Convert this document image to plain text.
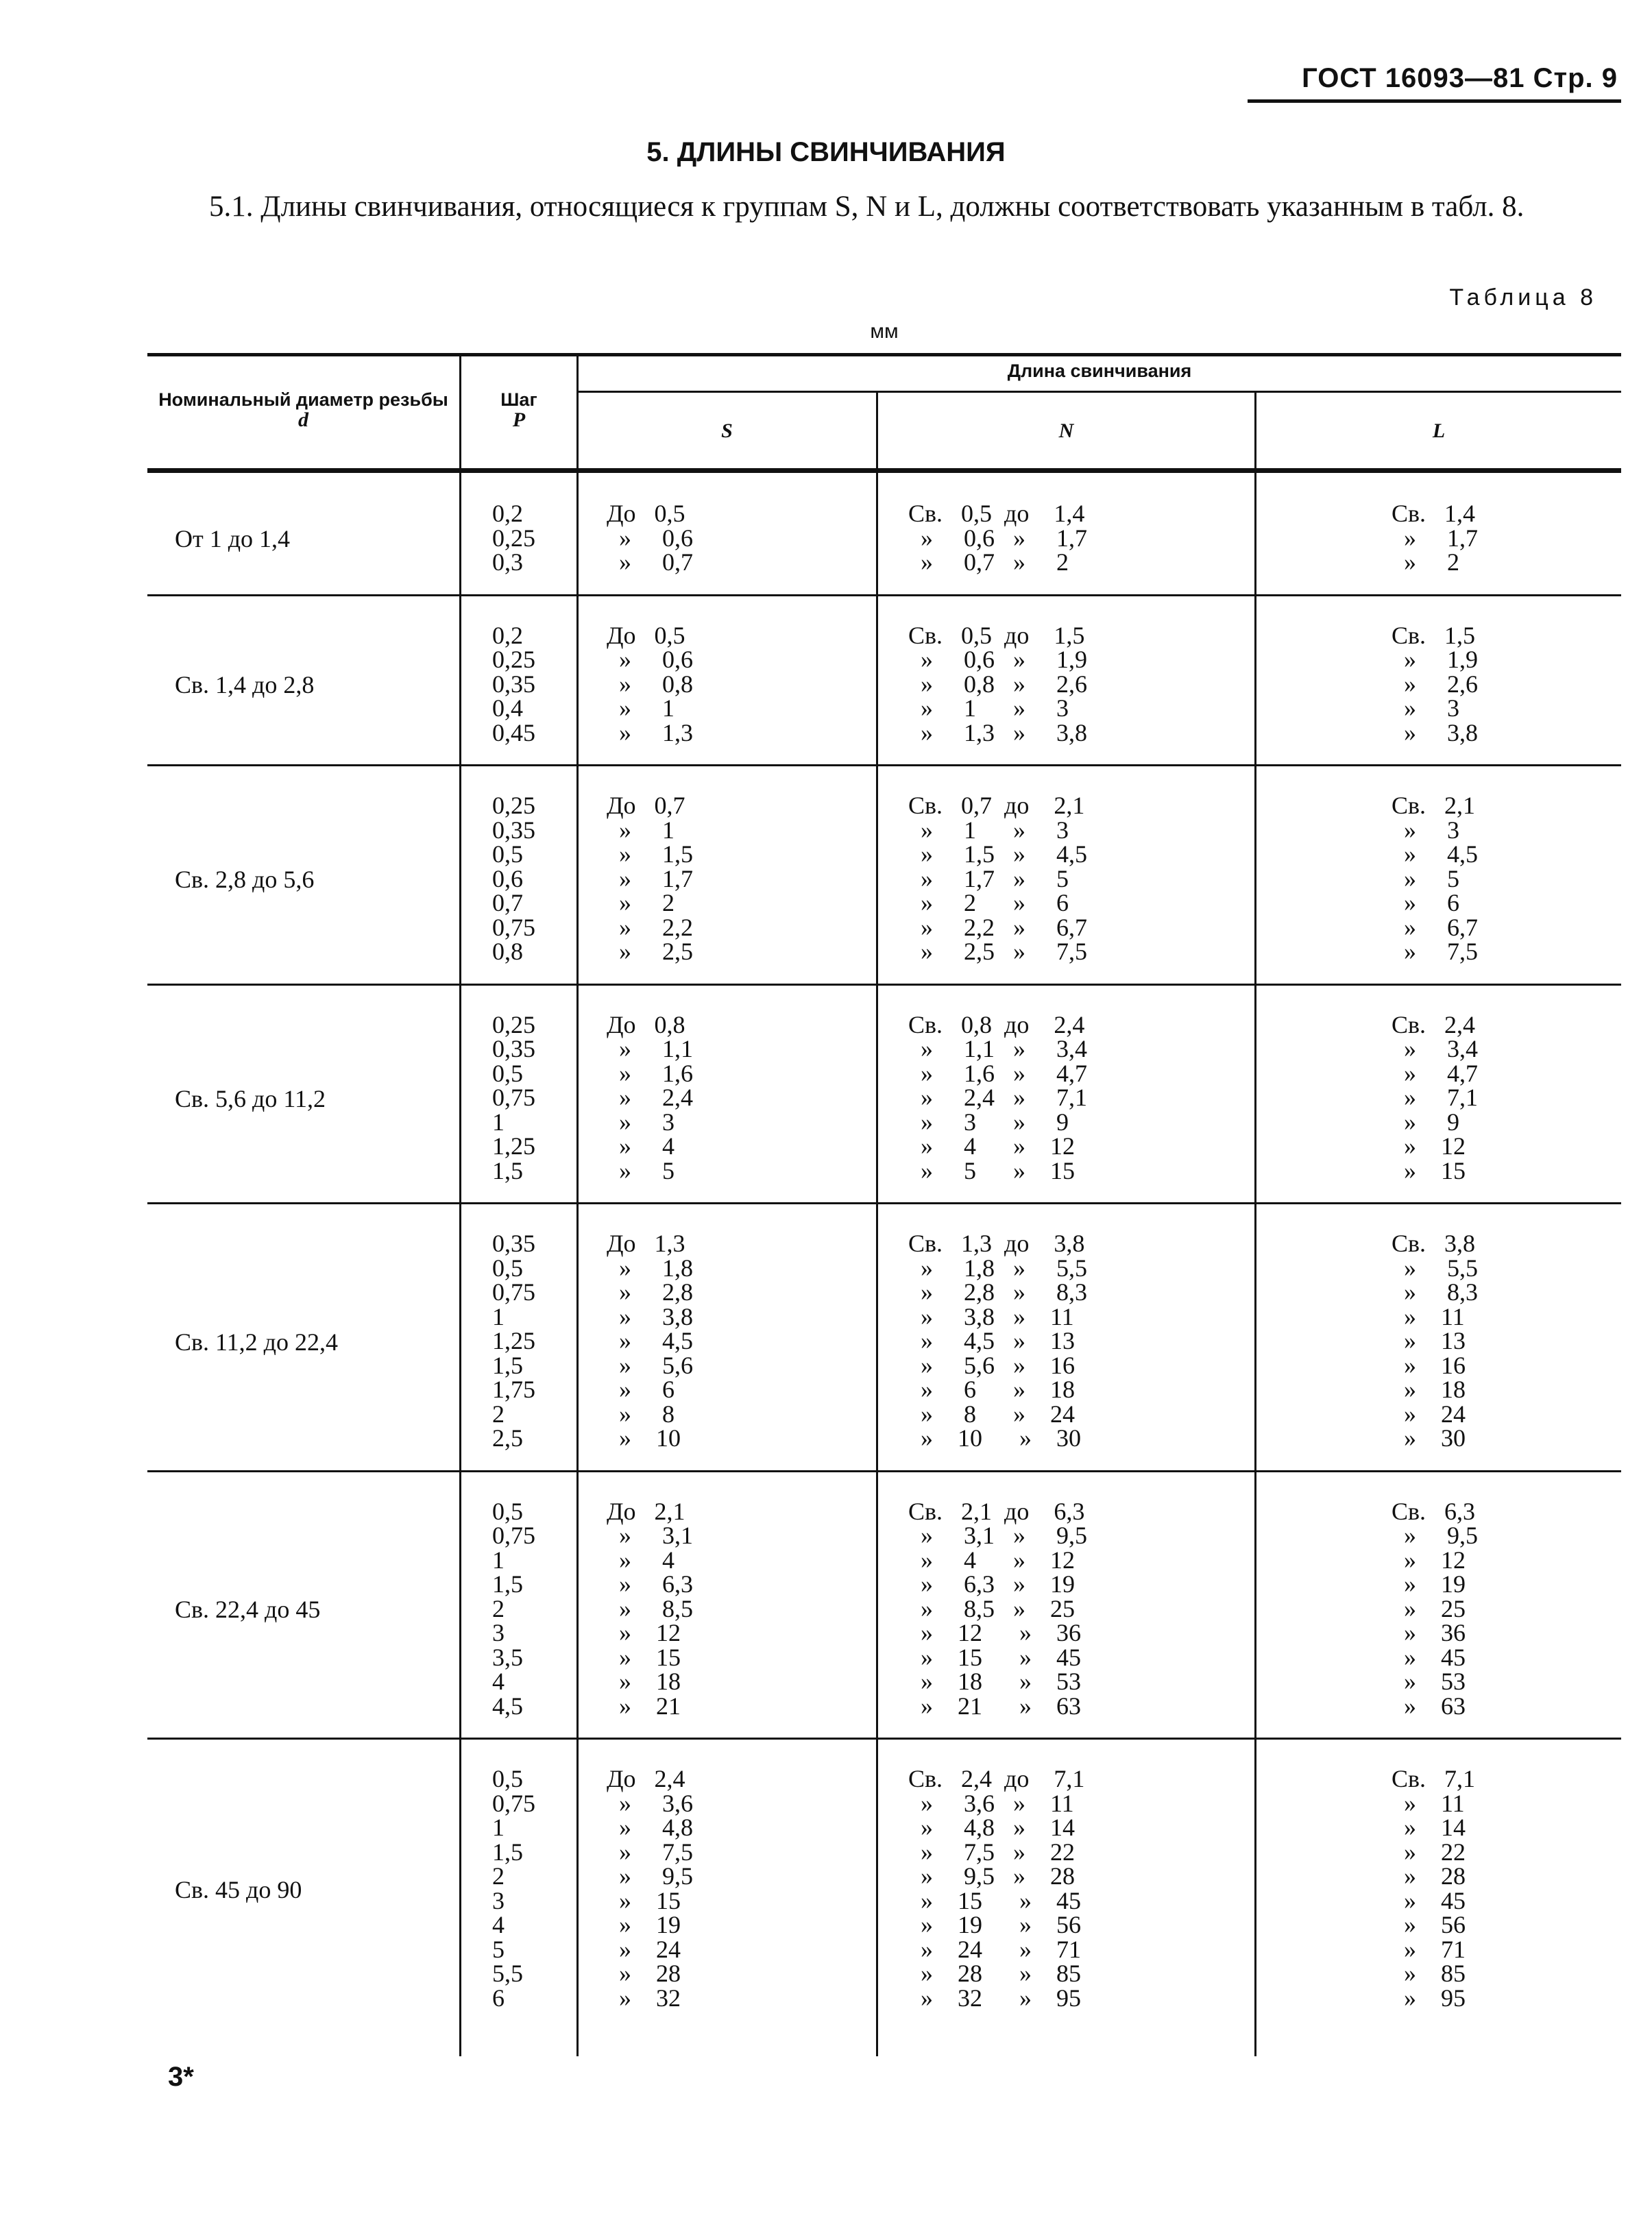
ГОСТ 16093—81 Стр. 9
5. ДЛИНЫ СВИНЧИВАНИЯ
5.1. Длины свинчивания, относящиеся к группам S, N и L, должны соответствовать указанным в табл. 8.
Таблица 8
мм
Номинальный диаметр резьбы
d
Шаг
P
Длина свинчивания
S	N	L
От 1 до 1,4
0,2
0,25
0,3
До   0,5
»     0,6
»     0,7
Св.   0,5  до    1,4
»     0,6   »     1,7
»     0,7   »     2
Св.   1,4
»     1,7
»     2
Св. 1,4 до 2,8
0,2
0,25
0,35
0,4
0,45
До   0,5
»     0,6
»     0,8
»     1
»     1,3
Св.   0,5  до    1,5
»     0,6   »     1,9
»     0,8   »     2,6
»     1      »     3
»     1,3   »     3,8
Св.   1,5
»     1,9
»     2,6
»     3
»     3,8
Св. 2,8 до 5,6
0,25
0,35
0,5
0,6
0,7
0,75
0,8
До   0,7
»     1
»     1,5
»     1,7
»     2
»     2,2
»     2,5
Св.   0,7  до    2,1
»     1      »     3
»     1,5   »     4,5
»     1,7   »     5
»     2      »     6
»     2,2   »     6,7
»     2,5   »     7,5
Св.   2,1
»     3
»     4,5
»     5
»     6
»     6,7
»     7,5
Св. 5,6 до 11,2
0,25
0,35
0,5
0,75
1
1,25
1,5
До   0,8
»     1,1
»     1,6
»     2,4
»     3
»     4
»     5
Св.   0,8  до    2,4
»     1,1   »     3,4
»     1,6   »     4,7
»     2,4   »     7,1
»     3      »     9
»     4      »    12
»     5      »    15
Св.   2,4
»     3,4
»     4,7
»     7,1
»     9
»    12
»    15
Св. 11,2 до 22,4
0,35
0,5
0,75
1
1,25
1,5
1,75
2
2,5
До   1,3
»     1,8
»     2,8
»     3,8
»     4,5
»     5,6
»     6
»     8
»    10
Св.   1,3  до    3,8
»     1,8   »     5,5
»     2,8   »     8,3
»     3,8   »    11
»     4,5   »    13
»     5,6   »    16
»     6      »    18
»     8      »    24
»    10      »    30
Св.   3,8
»     5,5
»     8,3
»    11
»    13
»    16
»    18
»    24
»    30
Св. 22,4 до 45
0,5
0,75
1
1,5
2
3
3,5
4
4,5
До   2,1
»     3,1
»     4
»     6,3
»     8,5
»    12
»    15
»    18
»    21
Св.   2,1  до    6,3
»     3,1   »     9,5
»     4      »    12
»     6,3   »    19
»     8,5   »    25
»    12      »    36
»    15      »    45
»    18      »    53
»    21      »    63
Св.   6,3
»     9,5
»    12
»    19
»    25
»    36
»    45
»    53
»    63
Св. 45 до 90
0,5
0,75
1
1,5
2
3
4
5
5,5
6
До   2,4
»     3,6
»     4,8
»     7,5
»     9,5
»    15
»    19
»    24
»    28
»    32
Св.   2,4  до    7,1
»     3,6   »    11
»     4,8   »    14
»     7,5   »    22
»     9,5   »    28
»    15      »    45
»    19      »    56
»    24      »    71
»    28      »    85
»    32      »    95
Св.   7,1
»    11
»    14
»    22
»    28
»    45
»    56
»    71
»    85
»    95
3*
